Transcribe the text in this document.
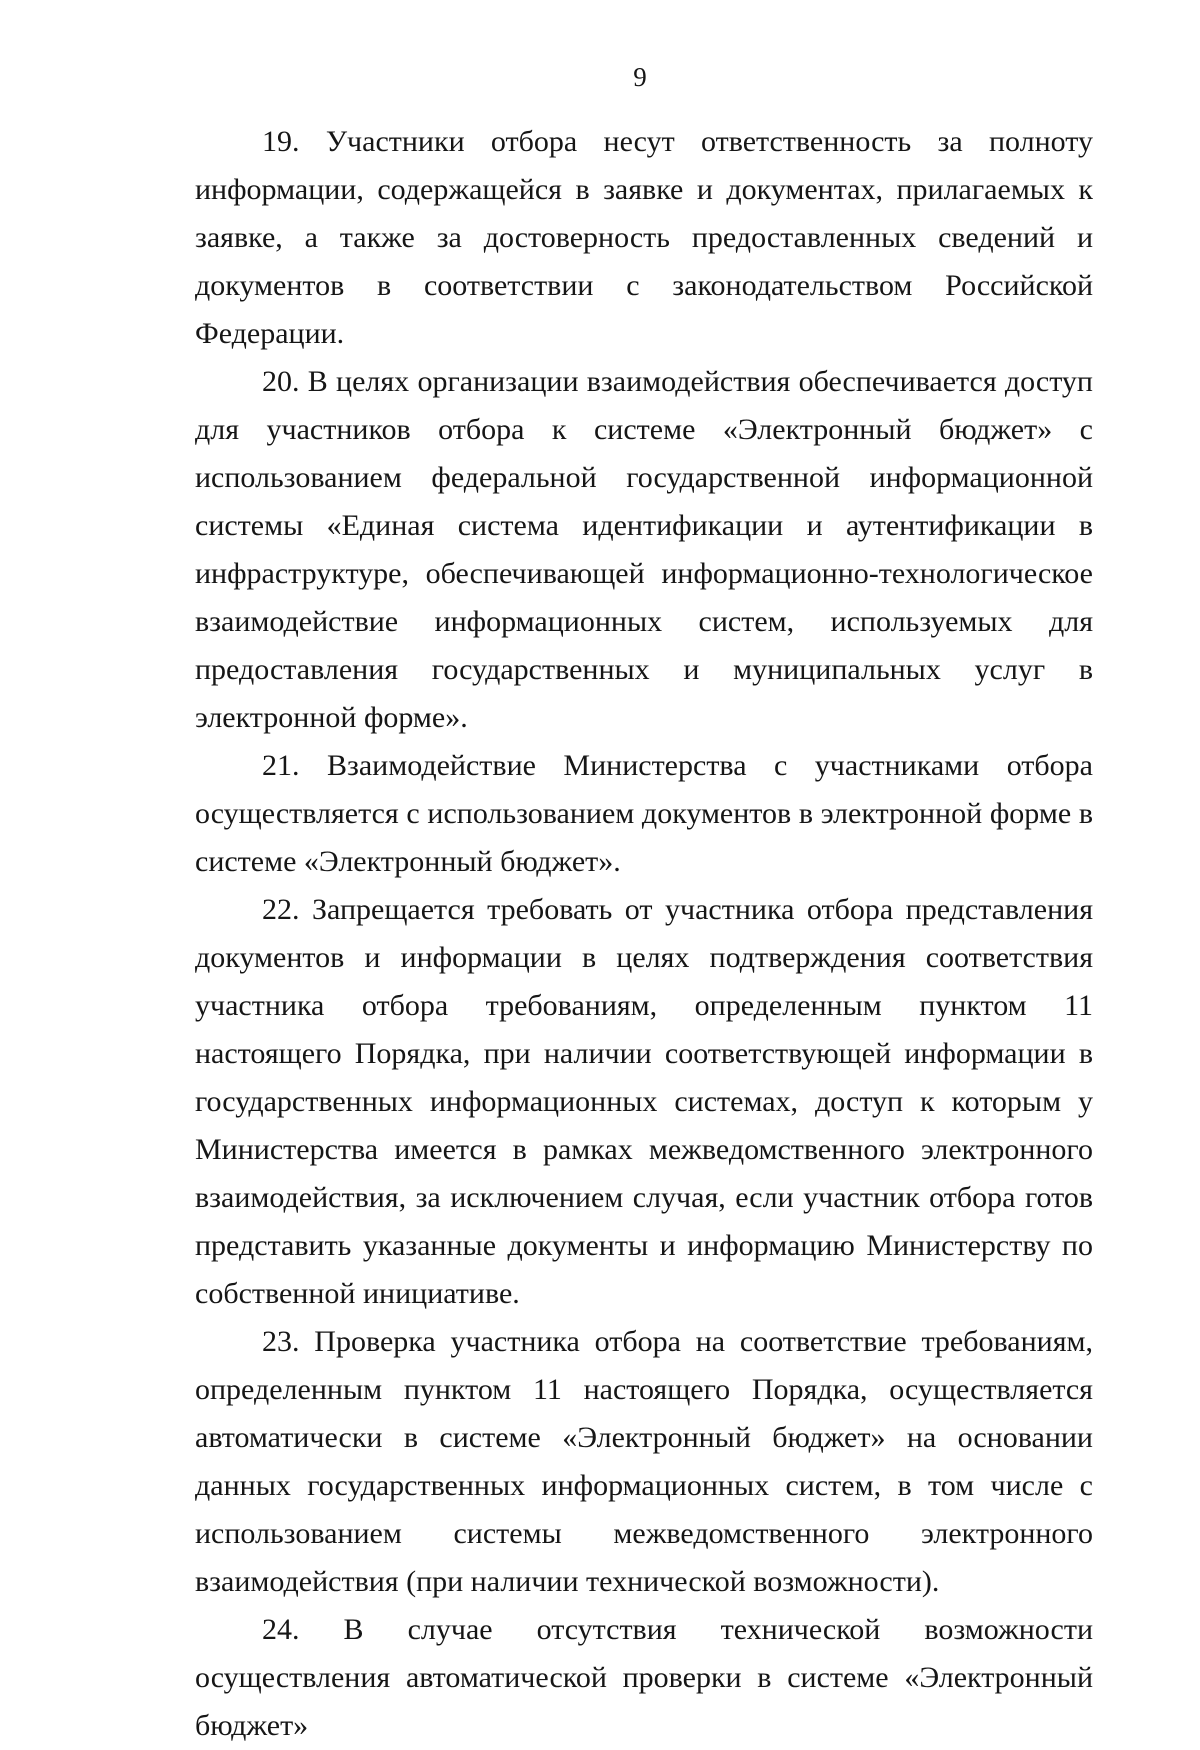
9

19. Участники отбора несут ответственность за полноту информации, содержащейся в заявке и документах, прилагаемых к заявке, а также за достоверность предоставленных сведений и документов в соответствии с законодательством Российской Федерации.

20. В целях организации взаимодействия обеспечивается доступ для участников отбора к системе «Электронный бюджет» с использованием федеральной государственной информационной системы «Единая система идентификации и аутентификации в инфраструктуре, обеспечивающей информационно-технологическое взаимодействие информационных систем, используемых для предоставления государственных и муниципальных услуг в электронной форме».

21. Взаимодействие Министерства с участниками отбора осуществляется с использованием документов в электронной форме в системе «Электронный бюджет».

22. Запрещается требовать от участника отбора представления документов и информации в целях подтверждения соответствия участника отбора требованиям, определенным пунктом 11 настоящего Порядка, при наличии соответствующей информации в государственных информационных системах, доступ к которым у Министерства имеется в рамках межведомственного электронного взаимодействия, за исключением случая, если участник отбора готов представить указанные документы и информацию Министерству по собственной инициативе.

23. Проверка участника отбора на соответствие требованиям, определенным пунктом 11 настоящего Порядка, осуществляется автоматически в системе «Электронный бюджет» на основании данных государственных информационных систем, в том числе с использованием системы межведомственного электронного взаимодействия (при наличии технической возможности).

24. В случае отсутствия технической возможности осуществления автоматической проверки в системе «Электронный бюджет»
